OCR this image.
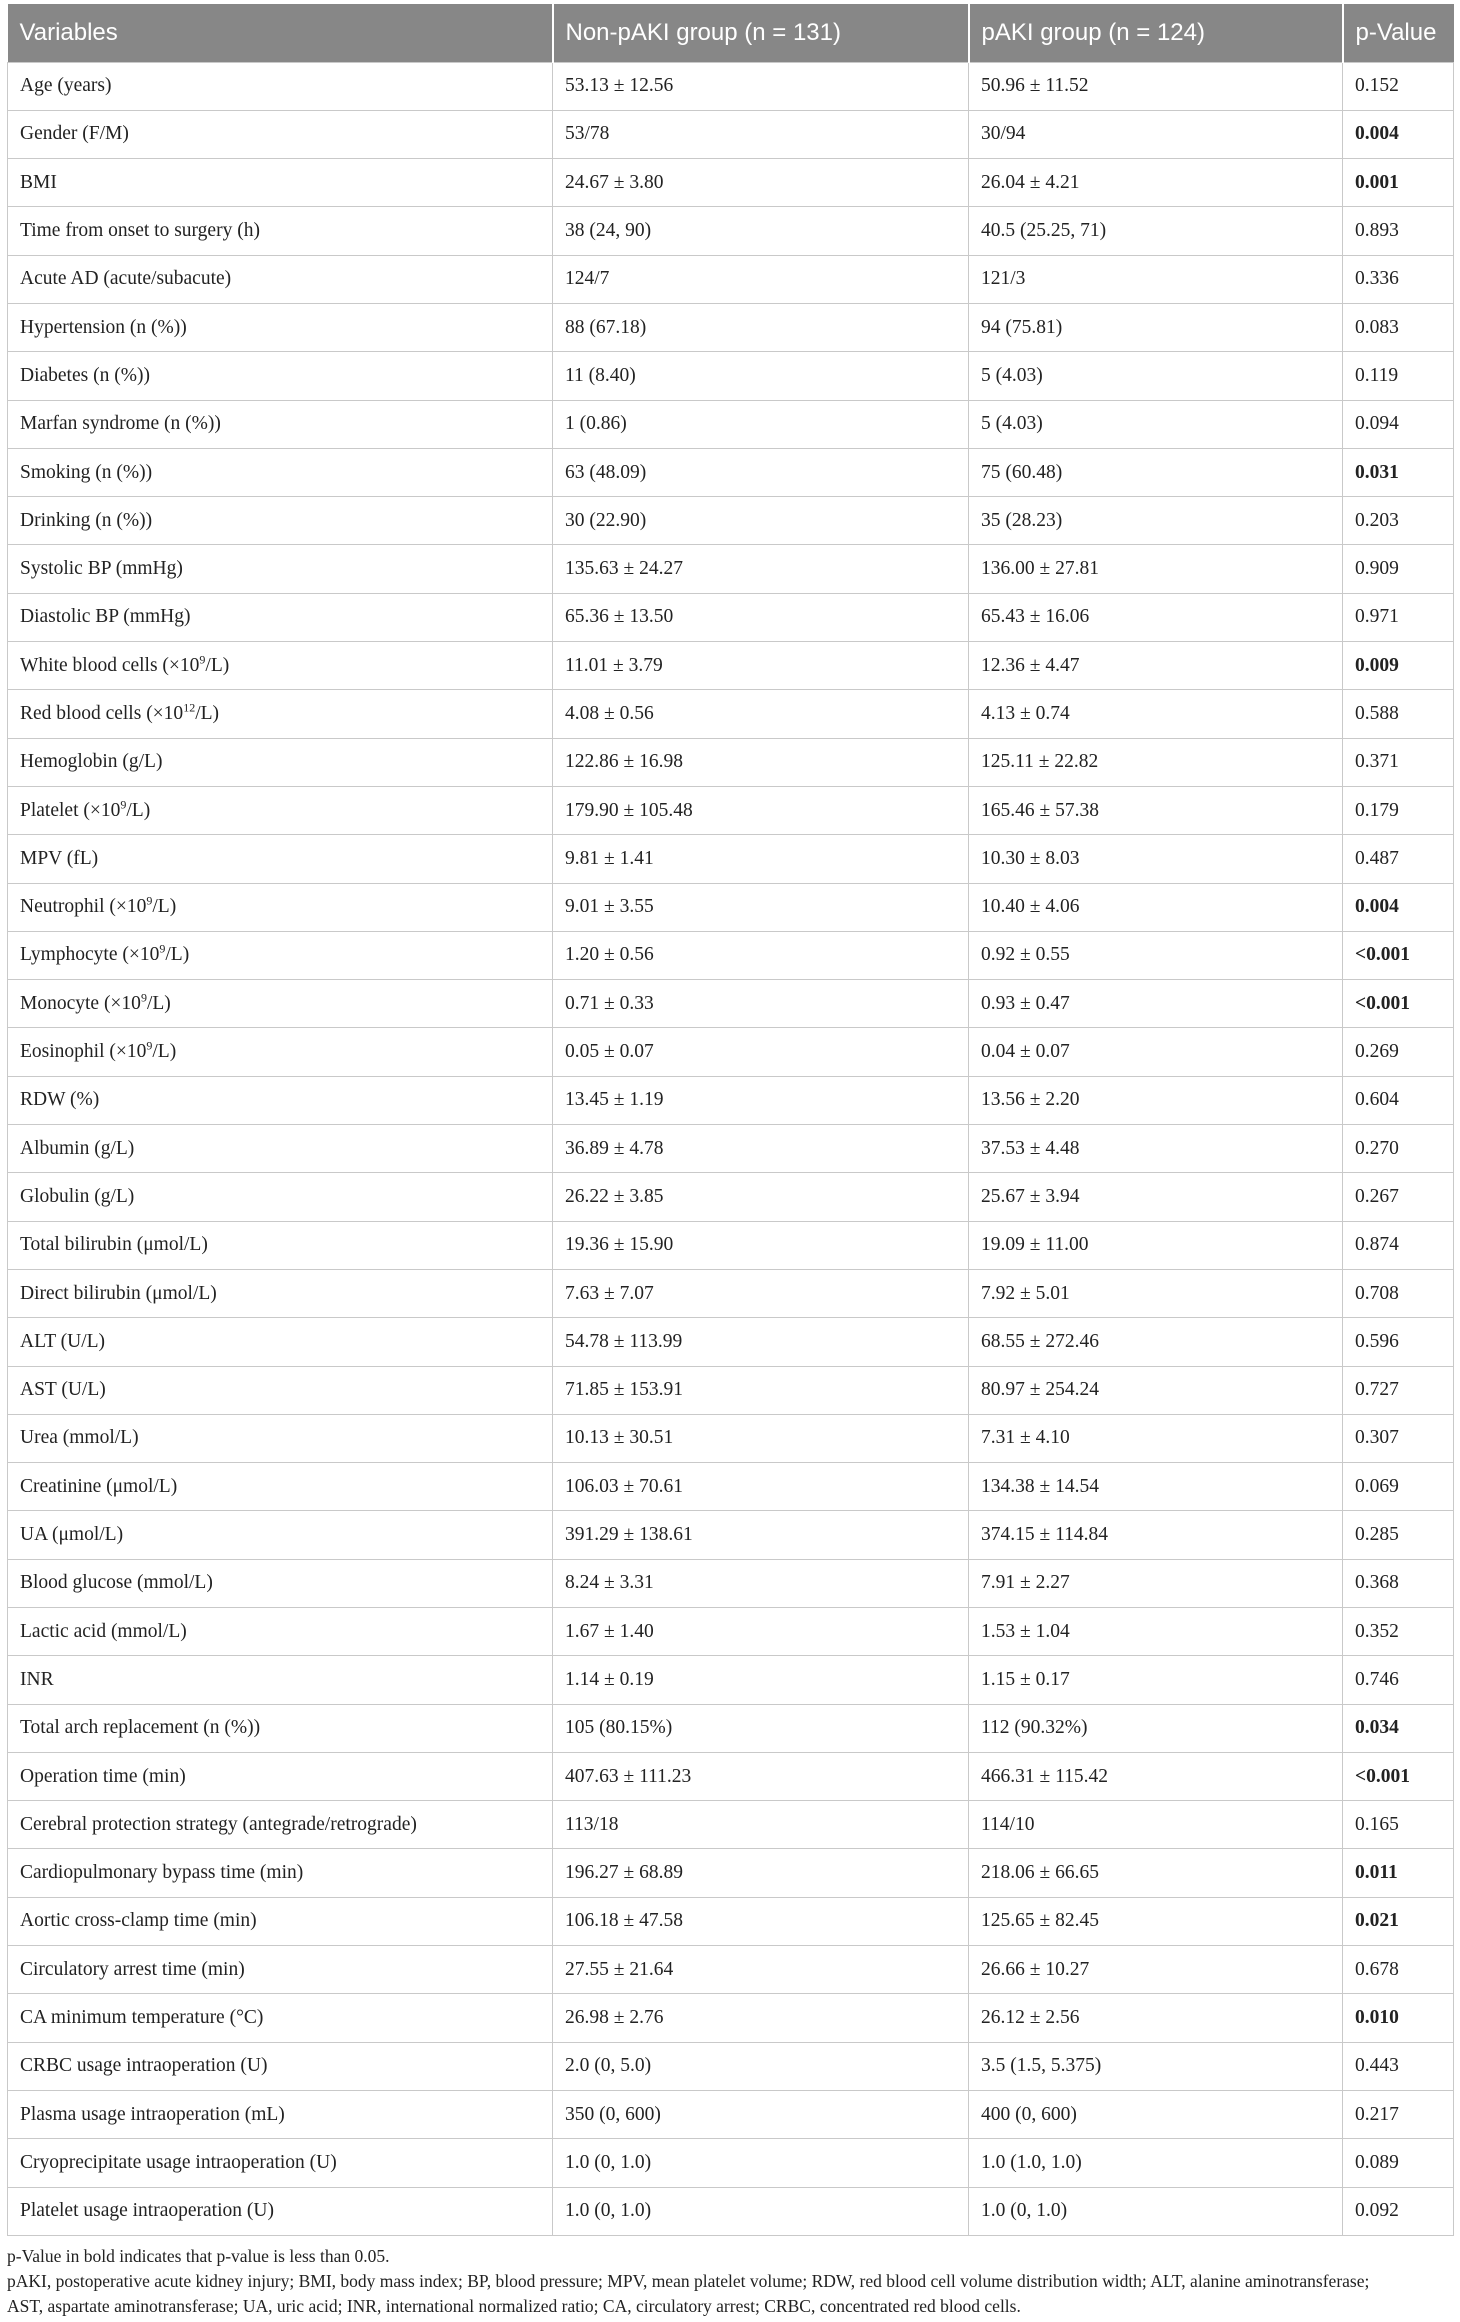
Variables	Non-pAKI group (n = 131)	pAKI group (n = 124)	p-Value
Age (years)	53.13 ± 12.56	50.96 ± 11.52	0.152
Gender (F/M)	53/78	30/94	0.004
BMI	24.67 ± 3.80	26.04 ± 4.21	0.001
Time from onset to surgery (h)	38 (24, 90)	40.5 (25.25, 71)	0.893
Acute AD (acute/subacute)	124/7	121/3	0.336
Hypertension (n (%))	88 (67.18)	94 (75.81)	0.083
Diabetes (n (%))	11 (8.40)	5 (4.03)	0.119
Marfan syndrome (n (%))	1 (0.86)	5 (4.03)	0.094
Smoking (n (%))	63 (48.09)	75 (60.48)	0.031
Drinking (n (%))	30 (22.90)	35 (28.23)	0.203
Systolic BP (mmHg)	135.63 ± 24.27	136.00 ± 27.81	0.909
Diastolic BP (mmHg)	65.36 ± 13.50	65.43 ± 16.06	0.971
White blood cells $(\times 10^9/L)$	11.01 ± 3.79	12.36 ± 4.47	0.009
Red blood cells $(\times 10^{12}/L)$	4.08 ± 0.56	4.13 ± 0.74	0.588
Hemoglobin (g/L)	122.86 ± 16.98	125.11 ± 22.82	0.371
Platelet $(\times 10^9/L)$	179.90 ± 105.48	165.46 ± 57.38	0.179
MPV (fL)	9.81 ± 1.41	10.30 ± 8.03	0.487
Neutrophil $(\times 10^9/L)$	9.01 ± 3.55	10.40 ± 4.06	0.004
Lymphocyte $(\times 10^9/L)$	1.20 ± 0.56	0.92 ± 0.55	<0.001
Monocyte $(\times 10^9/L)$	0.71 ± 0.33	0.93 ± 0.47	<0.001
Eosinophil $(\times 10^9/L)$	0.05 ± 0.07	0.04 ± 0.07	0.269
RDW (%)	13.45 ± 1.19	13.56 ± 2.20	0.604
Albumin (g/L)	36.89 ± 4.78	37.53 ± 4.48	0.270
Globulin (g/L)	26.22 ± 3.85	25.67 ± 3.94	0.267
Total bilirubin (μmol/L)	19.36 ± 15.90	19.09 ± 11.00	0.874
Direct bilirubin (μmol/L)	7.63 ± 7.07	7.92 ± 5.01	0.708
ALT (U/L)	54.78 ± 113.99	68.55 ± 272.46	0.596
AST (U/L)	71.85 ± 153.91	80.97 ± 254.24	0.727
Urea (mmol/L)	10.13 ± 30.51	7.31 ± 4.10	0.307
Creatinine (μmol/L)	106.03 ± 70.61	134.38 ± 14.54	0.069
UA (μmol/L)	391.29 ± 138.61	374.15 ± 114.84	0.285
Blood glucose (mmol/L)	8.24 ± 3.31	7.91 ± 2.27	0.368
Lactic acid (mmol/L)	1.67 ± 1.40	1.53 ± 1.04	0.352
INR	1.14 ± 0.19	1.15 ± 0.17	0.746
Total arch replacement (n (%))	105 (80.15%)	112 (90.32%)	0.034
Operation time (min)	407.63 ± 111.23	466.31 ± 115.42	<0.001
Cerebral protection strategy (antegrade/retrograde)	113/18	114/10	0.165
Cardiopulmonary bypass time (min)	196.27 ± 68.89	218.06 ± 66.65	0.011
Aortic cross-clamp time (min)	106.18 ± 47.58	125.65 ± 82.45	0.021
Circulatory arrest time (min)	27.55 ± 21.64	26.66 ± 10.27	0.678
CA minimum temperature (°C)	26.98 ± 2.76	26.12 ± 2.56	0.010
CRBC usage intraoperation (U)	2.0 (0, 5.0)	3.5 (1.5, 5.375)	0.443
Plasma usage intraoperation (mL)	350 (0, 600)	400 (0, 600)	0.217
Cryoprecipitate usage intraoperation (U)	1.0 (0, 1.0)	1.0 (1.0, 1.0)	0.089
Platelet usage intraoperation (U)	1.0 (0, 1.0)	1.0 (0, 1.0)	0.092

p-Value in bold indicates that p-value is less than 0.05.

pAKI, postoperative acute kidney injury; BMI, body mass index; BP, blood pressure; MPV, mean platelet volume; RDW, red blood cell volume distribution width; ALT, alanine aminotransferase;

AST, aspartate aminotransferase; UA, uric acid; INR, international normalized ratio; CA, circulatory arrest; CRBC, concentrated red blood cells.
